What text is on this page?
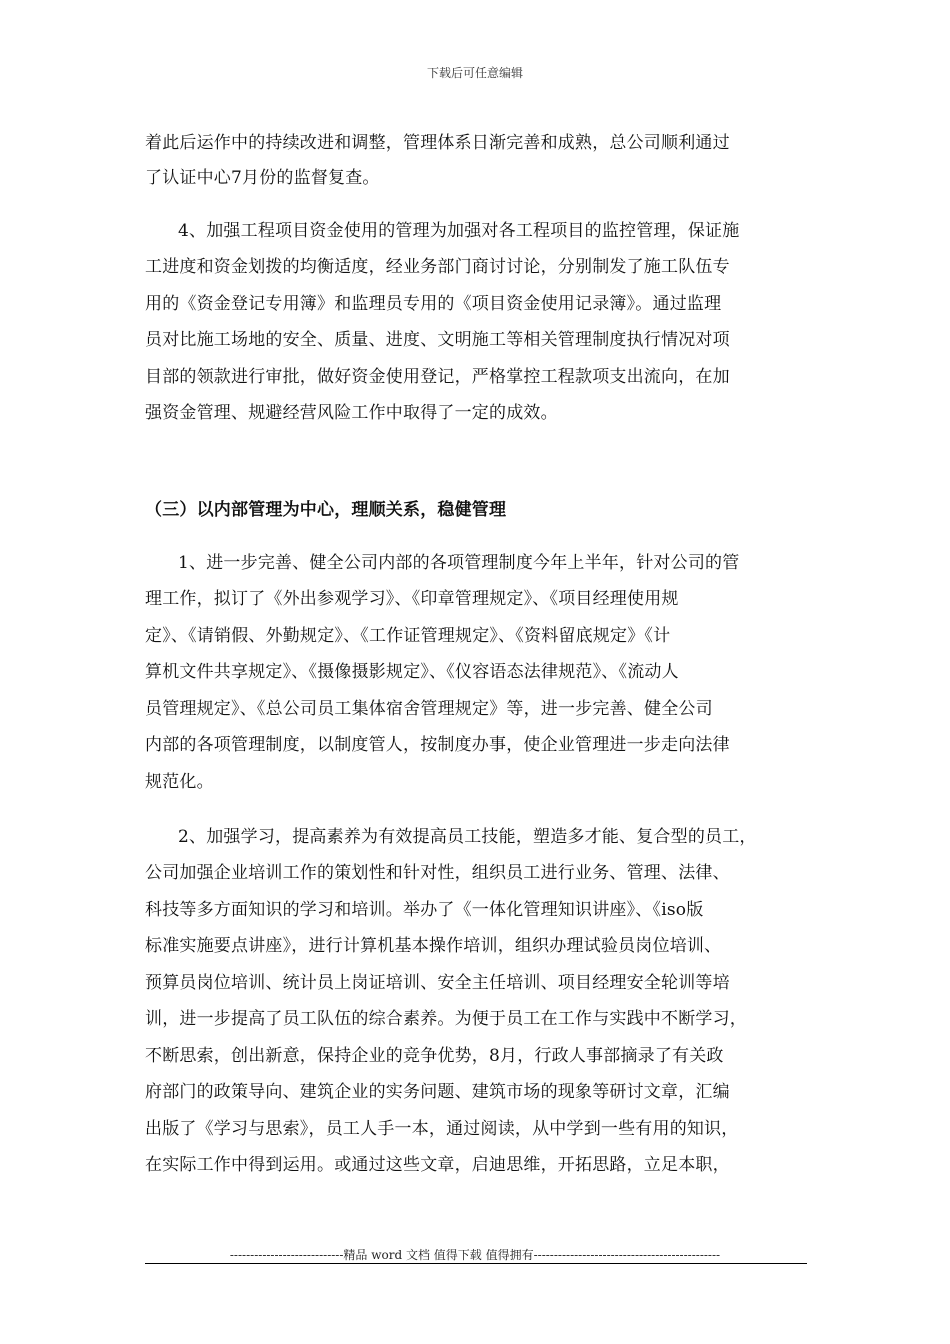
下载后可任意编辑
着此后运作中的持续改进和调整，管理体系日渐完善和成熟，总公司顺利通过
了认证中心7月份的监督复查。
4、加强工程项目资金使用的管理为加强对各工程项目的监控管理，保证施
工进度和资金划拨的均衡适度，经业务部门商讨讨论，分别制发了施工队伍专
用的《资金登记专用簿》和监理员专用的《项目资金使用记录簿》。通过监理
员对比施工场地的安全、质量、进度、文明施工等相关管理制度执行情况对项
目部的领款进行审批，做好资金使用登记，严格掌控工程款项支出流向，在加
强资金管理、规避经营风险工作中取得了一定的成效。
（三）以内部管理为中心，理顺关系，稳健管理
1、进一步完善、健全公司内部的各项管理制度今年上半年，针对公司的管
理工作，拟订了《外出参观学习》、《印章管理规定》、《项目经理使用规
定》、《请销假、外勤规定》、《工作证管理规定》、《资料留底规定》《计
算机文件共享规定》、《摄像摄影规定》、《仪容语态法律规范》、《流动人
员管理规定》、《总公司员工集体宿舍管理规定》等，进一步完善、健全公司
内部的各项管理制度，以制度管人，按制度办事，使企业管理进一步走向法律
规范化。
2、加强学习，提高素养为有效提高员工技能，塑造多才能、复合型的员工，
公司加强企业培训工作的策划性和针对性，组织员工进行业务、管理、法律、
科技等多方面知识的学习和培训。举办了《一体化管理知识讲座》、《iso版
标准实施要点讲座》，进行计算机基本操作培训，组织办理试验员岗位培训、
预算员岗位培训、统计员上岗证培训、安全主任培训、项目经理安全轮训等培
训，进一步提高了员工队伍的综合素养。为便于员工在工作与实践中不断学习，
不断思索，创出新意，保持企业的竞争优势，8月，行政人事部摘录了有关政
府部门的政策导向、建筑企业的实务问题、建筑市场的现象等研讨文章，汇编
出版了《学习与思索》，员工人手一本，通过阅读，从中学到一些有用的知识，
在实际工作中得到运用。或通过这些文章，启迪思维，开拓思路，立足本职，
----------------------------精品 word 文档 值得下载 值得拥有----------------------------------------------
